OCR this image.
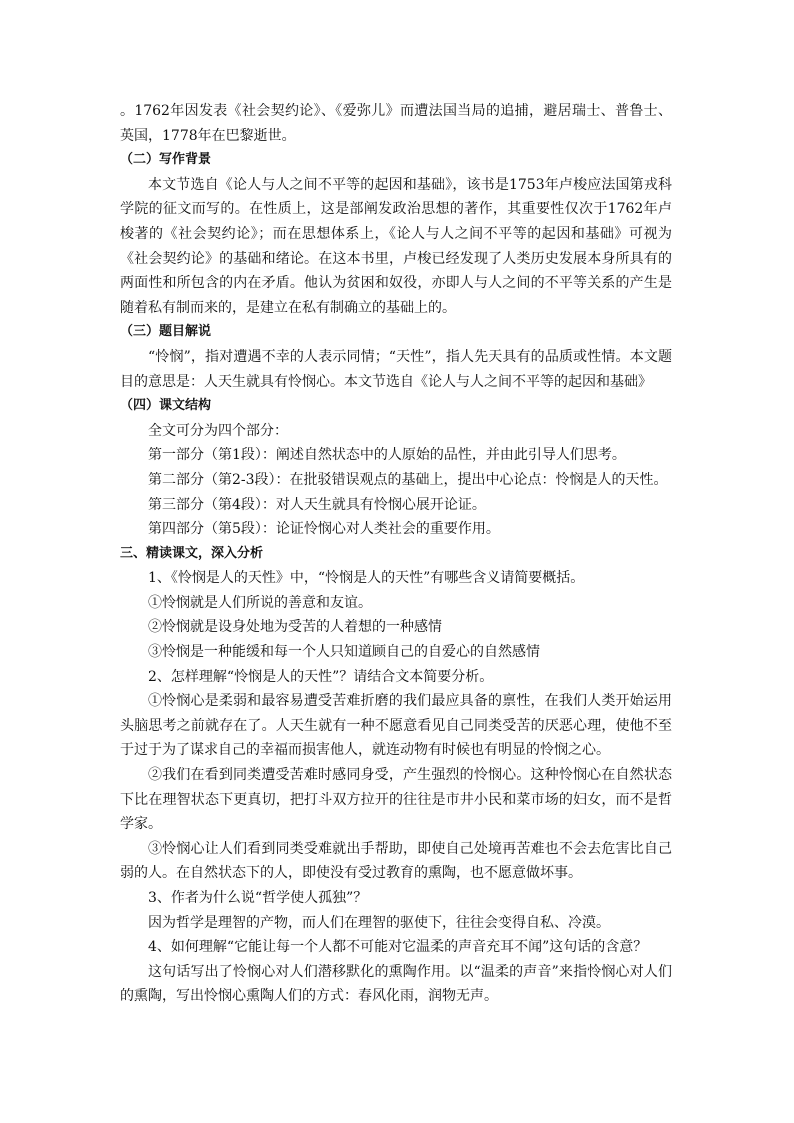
。1762年因发表《社会契约论》、《爱弥儿》而遭法国当局的追捕，避居瑞士、普鲁士、英国，1778年在巴黎逝世。

（二）写作背景

本文节选自《论人与人之间不平等的起因和基础》，该书是1753年卢梭应法国第戎科学院的征文而写的。在性质上，这是部阐发政治思想的著作，其重要性仅次于1762年卢梭著的《社会契约论》；而在思想体系上，《论人与人之间不平等的起因和基础》可视为《社会契约论》的基础和绪论。在这本书里，卢梭已经发现了人类历史发展本身所具有的两面性和所包含的内在矛盾。他认为贫困和奴役，亦即人与人之间的不平等关系的产生是随着私有制而来的，是建立在私有制确立的基础上的。

（三）题目解说

“怜悯”，指对遭遇不幸的人表示同情；“天性”，指人先天具有的品质或性情。本文题目的意思是：人天生就具有怜悯心。本文节选自《论人与人之间不平等的起因和基础》

（四）课文结构

全文可分为四个部分：

第一部分（第1段）：阐述自然状态中的人原始的品性，并由此引导人们思考。

第二部分（第2-3段）：在批驳错误观点的基础上，提出中心论点：怜悯是人的天性。

第三部分（第4段）：对人天生就具有怜悯心展开论证。

第四部分（第5段）：论证怜悯心对人类社会的重要作用。

三、精读课文，深入分析

1、《怜悯是人的天性》中，“怜悯是人的天性”有哪些含义请简要概括。

①怜悯就是人们所说的善意和友谊。

②怜悯就是设身处地为受苦的人着想的一种感情

③怜悯是一种能缓和每一个人只知道顾自己的自爱心的自然感情

2、怎样理解“怜悯是人的天性”？请结合文本简要分析。

①怜悯心是柔弱和最容易遭受苦难折磨的我们最应具备的禀性，在我们人类开始运用头脑思考之前就存在了。人天生就有一种不愿意看见自己同类受苦的厌恶心理，使他不至于过于为了谋求自己的幸福而损害他人，就连动物有时候也有明显的怜悯之心。

②我们在看到同类遭受苦难时感同身受，产生强烈的怜悯心。这种怜悯心在自然状态下比在理智状态下更真切，把打斗双方拉开的往往是市井小民和菜市场的妇女，而不是哲学家。

③怜悯心让人们看到同类受难就出手帮助，即使自己处境再苦难也不会去危害比自己弱的人。在自然状态下的人，即使没有受过教育的熏陶，也不愿意做坏事。

3、作者为什么说“哲学使人孤独”？

因为哲学是理智的产物，而人们在理智的驱使下，往往会变得自私、冷漠。

4、如何理解“它能让每一个人都不可能对它温柔的声音充耳不闻”这句话的含意？

这句话写出了怜悯心对人们潜移默化的熏陶作用。以“温柔的声音”来指怜悯心对人们的熏陶，写出怜悯心熏陶人们的方式：春风化雨，润物无声。
